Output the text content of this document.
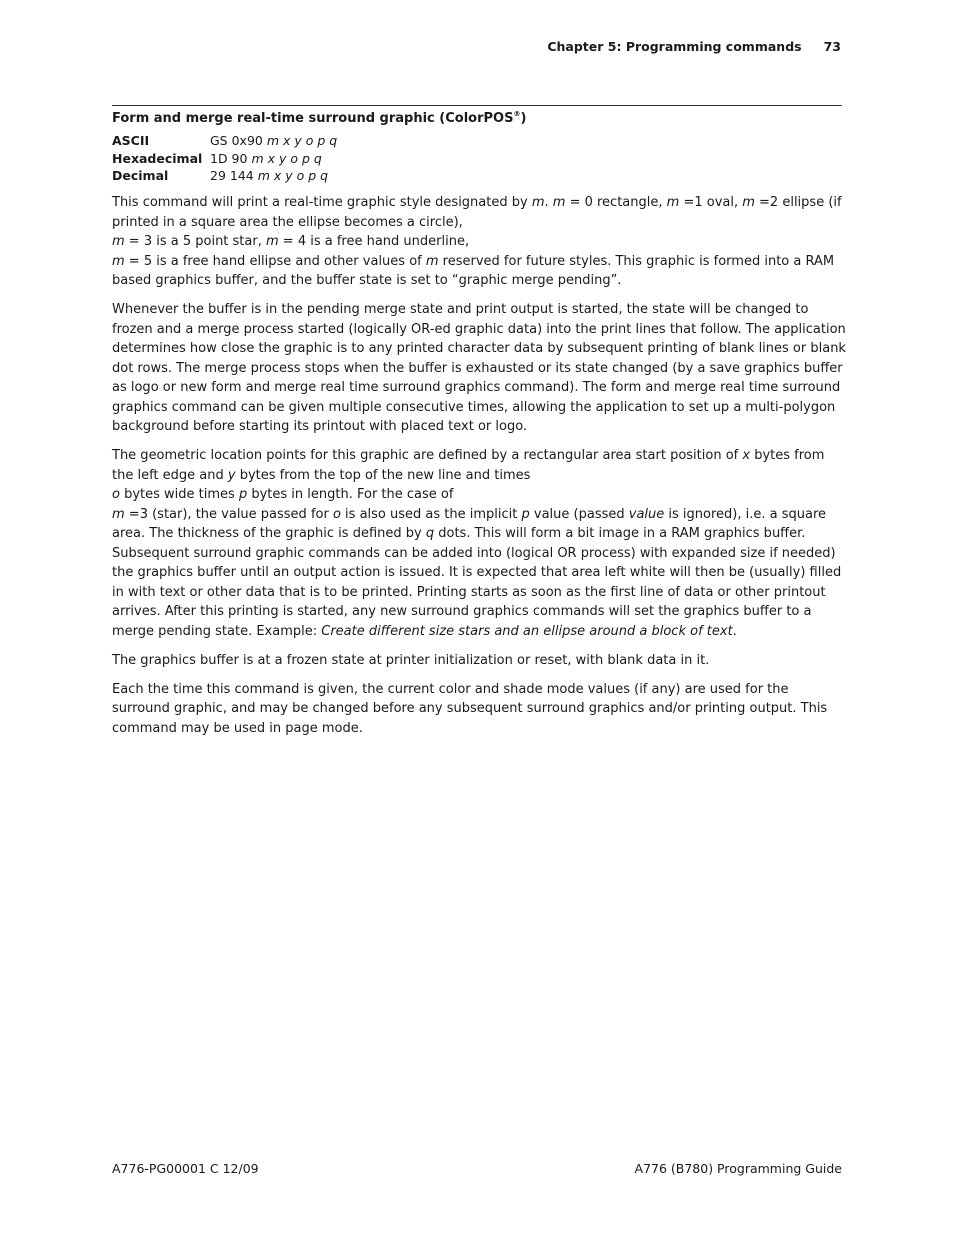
Chapter 5: Programming commands 73
Form and merge real-time surround graphic (ColorPOS®)
ASCII	GS 0x90 m x y o p q
Hexadecimal 1D 90 m x y o p q
Decimal	29 144 m x y o p q

This command will print a real-time graphic style designated by m. m = 0 rectangle, m =1 oval, m =2 ellipse (if printed in a square area the ellipse becomes a circle),
m = 3 is a 5 point star, m = 4 is a free hand underline,
m = 5 is a free hand ellipse and other values of m reserved for future styles. This graphic is formed into a RAM based graphics buffer, and the buffer state is set to “graphic merge pending”.

Whenever the buffer is in the pending merge state and print output is started, the state will be changed to frozen and a merge process started (logically OR-ed graphic data) into the print lines that follow. The application determines how close the graphic is to any printed character data by subsequent printing of blank lines or blank dot rows. The merge process stops when the buffer is exhausted or its state changed (by a save graphics buffer as logo or new form and merge real time surround graphics command). The form and merge real time surround graphics command can be given multiple consecutive times, allowing the application to set up a multi-polygon background before starting its printout with placed text or logo.

The geometric location points for this graphic are defined by a rectangular area start position of x bytes from the left edge and y bytes from the top of the new line and times
o bytes wide times p bytes in length. For the case of
m =3 (star), the value passed for o is also used as the implicit p value (passed value is ignored), i.e. a square area. The thickness of the graphic is defined by q dots. This will form a bit image in a RAM graphics buffer. Subsequent surround graphic commands can be added into (logical OR process) with expanded size if needed) the graphics buffer until an output action is issued. It is expected that area left white will then be (usually) filled in with text or other data that is to be printed. Printing starts as soon as the first line of data or other printout arrives. After this printing is started, any new surround graphics commands will set the graphics buffer to a merge pending state. Example: Create different size stars and an ellipse around a block of text.

The graphics buffer is at a frozen state at printer initialization or reset, with blank data in it.

Each the time this command is given, the current color and shade mode values (if any) are used for the surround graphic, and may be changed before any subsequent surround graphics and/or printing output. This command may be used in page mode.

A776-PG00001 C 12/09	A776 (B780) Programming Guide
